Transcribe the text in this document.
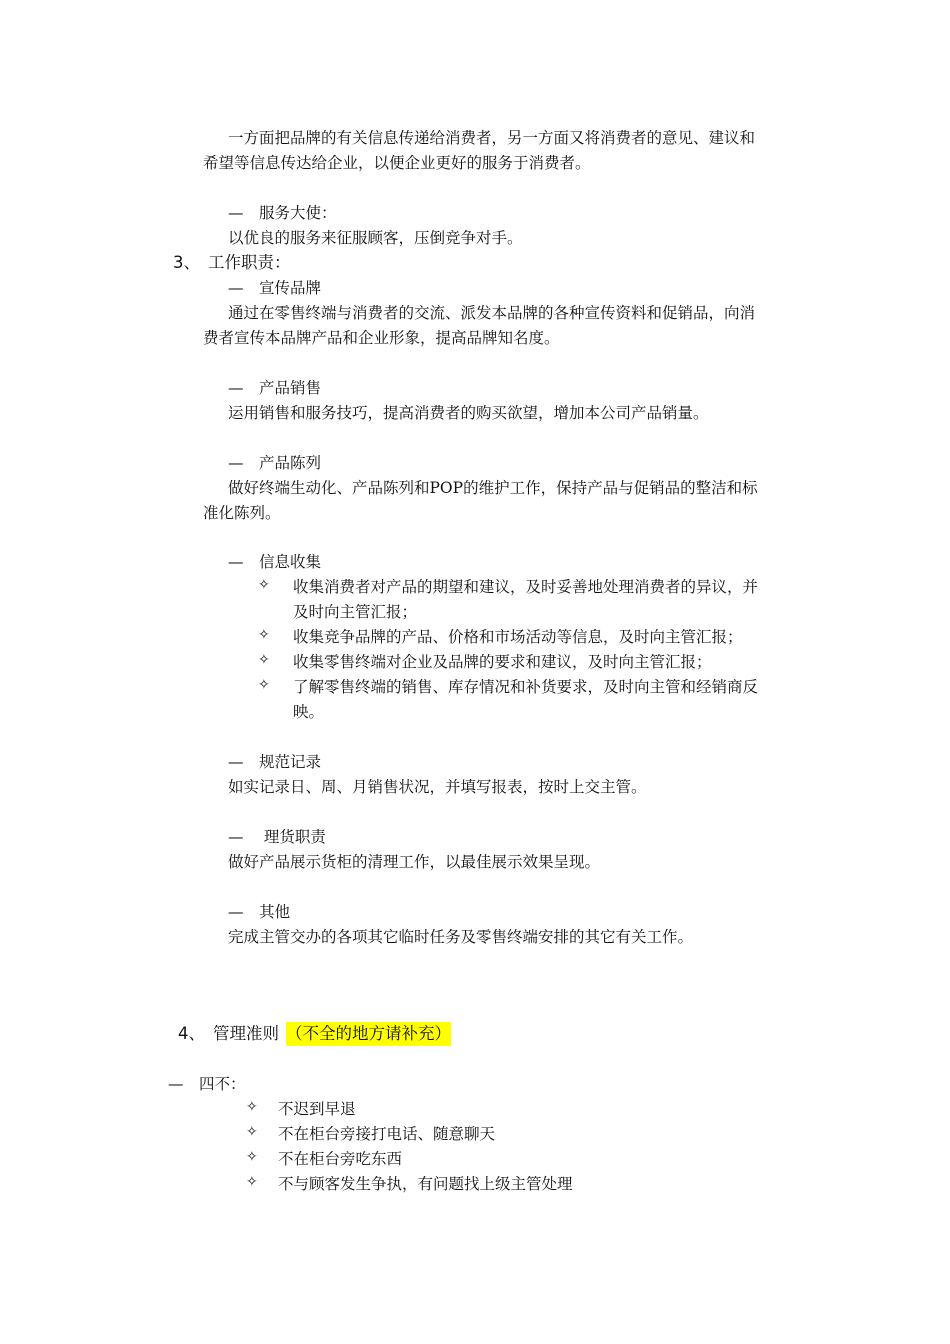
一方面把品牌的有关信息传递给消费者，另一方面又将消费者的意见、建议和
希望等信息传达给企业，以便企业更好的服务于消费者。
—　服务大使：
以优良的服务来征服顾客，压倒竞争对手。
3、 工作职责：
—　宣传品牌
通过在零售终端与消费者的交流、派发本品牌的各种宣传资料和促销品，向消
费者宣传本品牌产品和企业形象，提高品牌知名度。
—　产品销售
运用销售和服务技巧，提高消费者的购买欲望，增加本公司产品销量。
—　产品陈列
做好终端生动化、产品陈列和POP的维护工作，保持产品与促销品的整洁和标
准化陈列。
—　信息收集
✧ 收集消费者对产品的期望和建议，及时妥善地处理消费者的异议，并
及时向主管汇报；
✧ 收集竞争品牌的产品、价格和市场活动等信息，及时向主管汇报；
✧ 收集零售终端对企业及品牌的要求和建议，及时向主管汇报；
✧ 了解零售终端的销售、库存情况和补货要求，及时向主管和经销商反
映。
—　规范记录
如实记录日、周、月销售状况，并填写报表，按时上交主管。
—　 理货职责
做好产品展示货柜的清理工作，以最佳展示效果呈现。
—　其他
完成主管交办的各项其它临时任务及零售终端安排的其它有关工作。
4、 管理准则 （不全的地方请补充）
—　四不：
✧ 不迟到早退
✧ 不在柜台旁接打电话、随意聊天
✧ 不在柜台旁吃东西
✧ 不与顾客发生争执，有问题找上级主管处理
